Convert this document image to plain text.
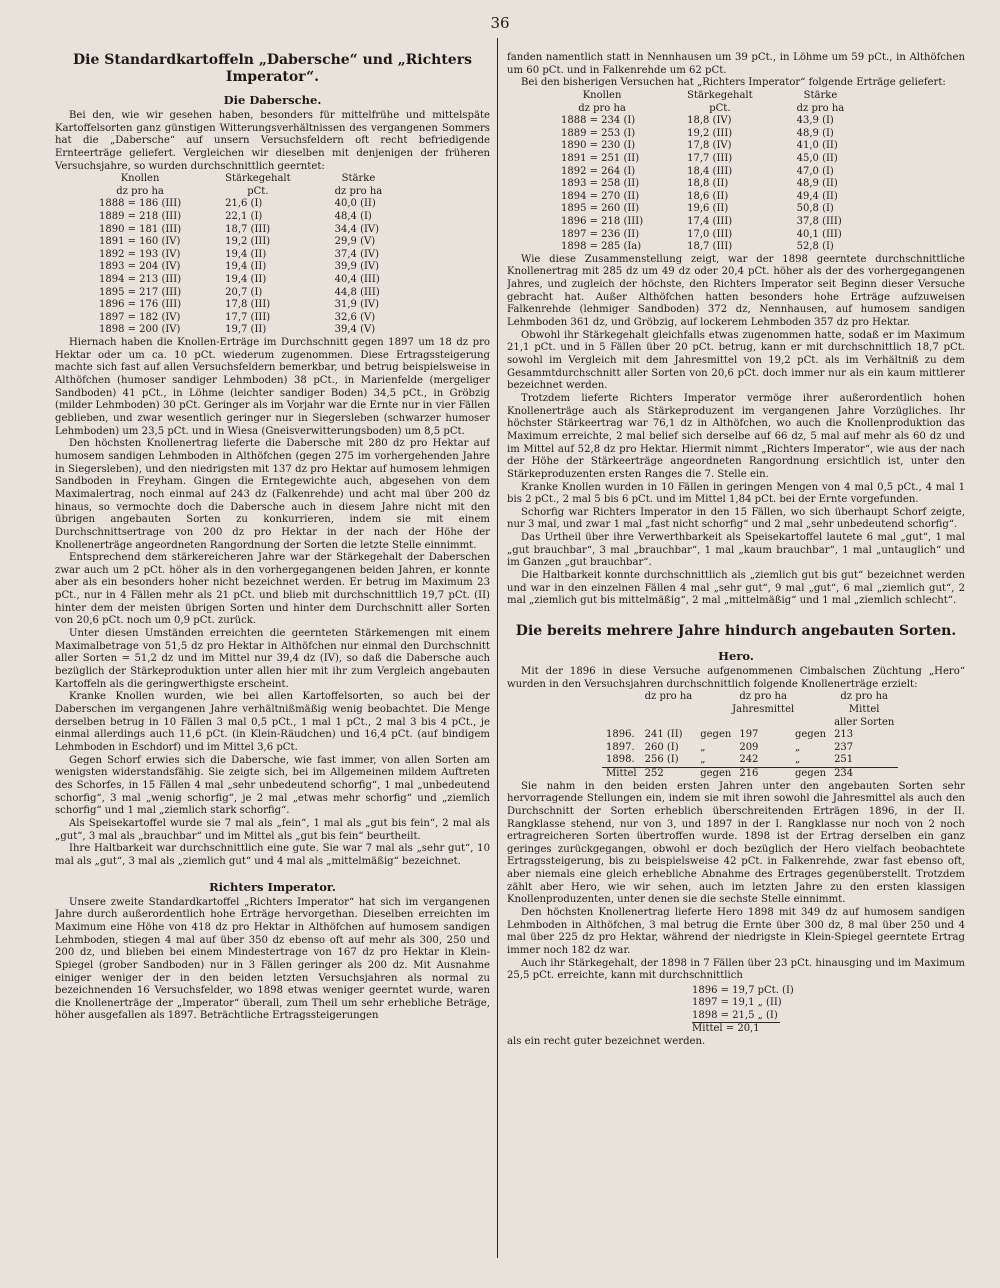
36
Die Standardkartoffeln „Dabersche“ und „Richters Imperator“.
Die Dabersche.

Bei den, wie wir gesehen haben, besonders für mittelfrühe und mittelspäte Kartoffelsorten ganz günstigen Witterungsverhältnissen des vergangenen Sommers hat die „Dabersche“ auf unsern Versuchsfeldern oft recht befriedigende Ernteerträge geliefert. Vergleichen wir dieselben mit denjenigen der früheren Versuchsjahre, so wurden durchschnittlich geerntet:

Knollen	Stärkegehalt	Stärke
dz pro ha	pCt.	dz pro ha
1888 = 186 (III)	21,6 (I)	40,0 (II)
1889 = 218 (III)	22,1 (I)	48,4 (I)
1890 = 181 (III)	18,7 (III)	34,4 (IV)
1891 = 160 (IV)	19,2 (III)	29,9 (V)
1892 = 193 (IV)	19,4 (II)	37,4 (IV)
1893 = 204 (IV)	19,4 (II)	39,9 (IV)
1894 = 213 (III)	19,4 (II)	40,4 (III)
1895 = 217 (III)	20,7 (I)	44,8 (III)
1896 = 176 (III)	17,8 (III)	31,9 (IV)
1897 = 182 (IV)	17,7 (III)	32,6 (V)
1898 = 200 (IV)	19,7 (II)	39,4 (V)

Hiernach haben die Knollen-Erträge im Durchschnitt gegen 1897 um 18 dz pro Hektar oder um ca. 10 pCt. wiederum zugenommen. Diese Ertragssteigerung machte sich fast auf allen Versuchsfeldern bemerkbar, und betrug beispielsweise in Althöfchen (humoser sandiger Lehmboden) 38 pCt., in Marienfelde (mergeliger Sandboden) 41 pCt., in Löhme (leichter sandiger Boden) 34,5 pCt., in Gröbzig (milder Lehmboden) 30 pCt. Geringer als im Vorjahr war die Ernte nur in vier Fällen geblieben, und zwar wesentlich geringer nur in Siegersleben (schwarzer humoser Lehmboden) um 23,5 pCt. und in Wiesa (Gneisverwitterungsboden) um 8,5 pCt.

Den höchsten Knollenertrag lieferte die Dabersche mit 280 dz pro Hektar auf humosem sandigen Lehmboden in Althöfchen (gegen 275 im vorhergehenden Jahre in Siegersleben), und den niedrigsten mit 137 dz pro Hektar auf humosem lehmigen Sandboden in Freyham. Gingen die Erntegewichte auch, abgesehen von dem Maximalertrag, noch einmal auf 243 dz (Falkenrehde) und acht mal über 200 dz hinaus, so vermochte doch die Dabersche auch in diesem Jahre nicht mit den übrigen angebauten Sorten zu konkurrieren, indem sie mit einem Durchschnittsertrage von 200 dz pro Hektar in der nach der Höhe der Knollenerträge angeordneten Rangordnung der Sorten die letzte Stelle einnimmt.

Entsprechend dem stärkereicheren Jahre war der Stärkegehalt der Daberschen zwar auch um 2 pCt. höher als in den vorhergegangenen beiden Jahren, er konnte aber als ein besonders hoher nicht bezeichnet werden. Er betrug im Maximum 23 pCt., nur in 4 Fällen mehr als 21 pCt. und blieb mit durchschnittlich 19,7 pCt. (II) hinter dem der meisten übrigen Sorten und hinter dem Durchschnitt aller Sorten von 20,6 pCt. noch um 0,9 pCt. zurück.

Unter diesen Umständen erreichten die geernteten Stärkemengen mit einem Maximalbetrage von 51,5 dz pro Hektar in Althöfchen nur einmal den Durchschnitt aller Sorten = 51,2 dz und im Mittel nur 39,4 dz (IV), so daß die Dabersche auch bezüglich der Stärkeproduktion unter allen hier mit ihr zum Vergleich angebauten Kartoffeln als die geringwerthigste erscheint.

Kranke Knollen wurden, wie bei allen Kartoffelsorten, so auch bei der Daberschen im vergangenen Jahre verhältnißmäßig wenig beobachtet. Die Menge derselben betrug in 10 Fällen 3 mal 0,5 pCt., 1 mal 1 pCt., 2 mal 3 bis 4 pCt., je einmal allerdings auch 11,6 pCt. (in Klein-Räudchen) und 16,4 pCt. (auf bindigem Lehmboden in Eschdorf) und im Mittel 3,6 pCt.

Gegen Schorf erwies sich die Dabersche, wie fast immer, von allen Sorten am wenigsten widerstandsfähig. Sie zeigte sich, bei im Allgemeinen mildem Auftreten des Schorfes, in 15 Fällen 4 mal „sehr unbedeutend schorfig“, 1 mal „unbedeutend schorfig“, 3 mal „wenig schorfig“, je 2 mal „etwas mehr schorfig“ und „ziemlich schorfig“ und 1 mal „ziemlich stark schorfig“.

Als Speisekartoffel wurde sie 7 mal als „fein“, 1 mal als „gut bis fein“, 2 mal als „gut“, 3 mal als „brauchbar“ und im Mittel als „gut bis fein“ beurtheilt.

Ihre Haltbarkeit war durchschnittlich eine gute. Sie war 7 mal als „sehr gut“, 10 mal als „gut“, 3 mal als „ziemlich gut“ und 4 mal als „mittelmäßig“ bezeichnet.

Richters Imperator.

Unsere zweite Standardkartoffel „Richters Imperator“ hat sich im vergangenen Jahre durch außerordentlich hohe Erträge hervorgethan. Dieselben erreichten im Maximum eine Höhe von 418 dz pro Hektar in Althöfchen auf humosem sandigen Lehmboden, stiegen 4 mal auf über 350 dz ebenso oft auf mehr als 300, 250 und 200 dz, und blieben bei einem Mindestertrage von 167 dz pro Hektar in Klein-Spiegel (grober Sandboden) nur in 3 Fällen geringer als 200 dz. Mit Ausnahme einiger weniger der in den beiden letzten Versuchsjahren als normal zu bezeichnenden 16 Versuchsfelder, wo 1898 etwas weniger geerntet wurde, waren die Knollenerträge der „Imperator“ überall, zum Theil um sehr erhebliche Beträge, höher ausgefallen als 1897. Beträchtliche Ertragssteigerungen

fanden namentlich statt in Nennhausen um 39 pCt., in Löhme um 59 pCt., in Althöfchen um 60 pCt. und in Falkenrehde um 62 pCt.

Bei den bisherigen Versuchen hat „Richters Imperator“ folgende Erträge geliefert:

Knollen	Stärkegehalt	Stärke
dz pro ha	pCt.	dz pro ha
1888 = 234 (I)	18,8 (IV)	43,9 (I)
1889 = 253 (I)	19,2 (III)	48,9 (I)
1890 = 230 (I)	17,8 (IV)	41,0 (II)
1891 = 251 (II)	17,7 (III)	45,0 (II)
1892 = 264 (I)	18,4 (III)	47,0 (I)
1893 = 258 (II)	18,8 (II)	48,9 (II)
1894 = 270 (II)	18,6 (II)	49,4 (II)
1895 = 260 (II)	19,6 (II)	50,8 (I)
1896 = 218 (III)	17,4 (III)	37,8 (III)
1897 = 236 (II)	17,0 (III)	40,1 (III)
1898 = 285 (Ia)	18,7 (III)	52,8 (I)

Wie diese Zusammenstellung zeigt, war der 1898 geerntete durchschnittliche Knollenertrag mit 285 dz um 49 dz oder 20,4 pCt. höher als der des vorhergegangenen Jahres, und zugleich der höchste, den Richters Imperator seit Beginn dieser Versuche gebracht hat. Außer Althöfchen hatten besonders hohe Erträge aufzuweisen Falkenrehde (lehmiger Sandboden) 372 dz, Nennhausen, auf humosem sandigen Lehmboden 361 dz, und Gröbzig, auf lockerem Lehmboden 357 dz pro Hektar.

Obwohl ihr Stärkegehalt gleichfalls etwas zugenommen hatte, sodaß er im Maximum 21,1 pCt. und in 5 Fällen über 20 pCt. betrug, kann er mit durchschnittlich 18,7 pCt. sowohl im Vergleich mit dem Jahresmittel von 19,2 pCt. als im Verhältniß zu dem Gesammtdurchschnitt aller Sorten von 20,6 pCt. doch immer nur als ein kaum mittlerer bezeichnet werden.

Trotzdem lieferte Richters Imperator vermöge ihrer außerordentlich hohen Knollenerträge auch als Stärkeproduzent im vergangenen Jahre Vorzügliches. Ihr höchster Stärkeertrag war 76,1 dz in Althöfchen, wo auch die Knollenproduktion das Maximum erreichte, 2 mal belief sich derselbe auf 66 dz, 5 mal auf mehr als 60 dz und im Mittel auf 52,8 dz pro Hektar. Hiermit nimmt „Richters Imperator“, wie aus der nach der Höhe der Stärkeerträge angeordneten Rangordnung ersichtlich ist, unter den Stärkeproduzenten ersten Ranges die 7. Stelle ein.

Kranke Knollen wurden in 10 Fällen in geringen Mengen von 4 mal 0,5 pCt., 4 mal 1 bis 2 pCt., 2 mal 5 bis 6 pCt. und im Mittel 1,84 pCt. bei der Ernte vorgefunden.

Schorfig war Richters Imperator in den 15 Fällen, wo sich überhaupt Schorf zeigte, nur 3 mal, und zwar 1 mal „fast nicht schorfig“ und 2 mal „sehr unbedeutend schorfig“.

Das Urtheil über ihre Verwerthbarkeit als Speisekartoffel lautete 6 mal „gut“, 1 mal „gut brauchbar“, 3 mal „brauchbar“, 1 mal „kaum brauchbar“, 1 mal „untauglich“ und im Ganzen „gut brauchbar“.

Die Haltbarkeit konnte durchschnittlich als „ziemlich gut bis gut“ bezeichnet werden und war in den einzelnen Fällen 4 mal „sehr gut“, 9 mal „gut“, 6 mal „ziemlich gut“, 2 mal „ziemlich gut bis mittelmäßig“, 2 mal „mittelmäßig“ und 1 mal „ziemlich schlecht“.

Die bereits mehrere Jahre hindurch angebauten Sorten.
Hero.

Mit der 1896 in diese Versuche aufgenommenen Cimbalschen Züchtung „Hero“ wurden in den Versuchsjahren durchschnittlich folgende Knollenerträge erzielt:

	dz pro ha		dz pro ha		dz pro ha
		Jahresmittel			Mittel
					aller Sorten
1896.	241 (II)	gegen	197	gegen	213
1897.	260 (I)	„	209	„	237
1898.	256 (I)	„	242	„	251
Mittel	252	gegen	216	gegen	234

Sie nahm in den beiden ersten Jahren unter den angebauten Sorten sehr hervorragende Stellungen ein, indem sie mit ihren sowohl die Jahresmittel als auch den Durchschnitt der Sorten erheblich überschreitenden Erträgen 1896, in der II. Rangklasse stehend, nur von 3, und 1897 in der I. Rangklasse nur noch von 2 noch ertragreicheren Sorten übertroffen wurde. 1898 ist der Ertrag derselben ein ganz geringes zurückgegangen, obwohl er doch bezüglich der Hero vielfach beobachtete Ertragssteigerung, bis zu beispielsweise 42 pCt. in Falkenrehde, zwar fast ebenso oft, aber niemals eine gleich erhebliche Abnahme des Ertrages gegenüberstellt. Trotzdem zählt aber Hero, wie wir sehen, auch im letzten Jahre zu den ersten klassigen Knollenproduzenten, unter denen sie die sechste Stelle einnimmt.

Den höchsten Knollenertrag lieferte Hero 1898 mit 349 dz auf humosem sandigen Lehmboden in Althöfchen, 3 mal betrug die Ernte über 300 dz, 8 mal über 250 und 4 mal über 225 dz pro Hektar, während der niedrigste in Klein-Spiegel geerntete Ertrag immer noch 182 dz war.

Auch ihr Stärkegehalt, der 1898 in 7 Fällen über 23 pCt. hinausging und im Maximum 25,5 pCt. erreichte, kann mit durchschnittlich

1896 = 19,7 pCt. (I)
1897 = 19,1 „ (II)
1898 = 21,5 „ (I)
Mittel = 20,1

als ein recht guter bezeichnet werden.
